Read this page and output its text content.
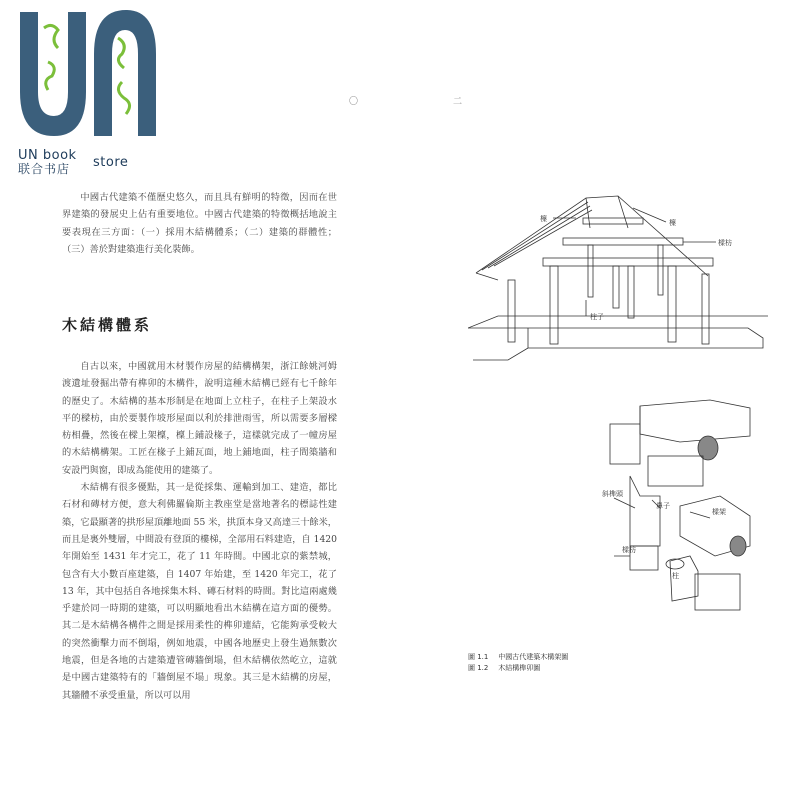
UN book store
联合书店
〇	二

中國古代建築不僅歷史悠久，而且具有鮮明的特徵，因而在世界建築的發展史上佔有重要地位。中國古代建築的特徵概括地說主要表現在三方面：（一）採用木結構體系；（二）建築的群體性；（三）善於對建築進行美化裝飾。

木結構體系

自古以來，中國就用木材製作房屋的結構構架，浙江餘姚河姆渡遺址發掘出帶有榫卯的木構件，說明這種木結構已經有七千餘年的歷史了。木結構的基本形制是在地面上立柱子，在柱子上架設水平的樑枋，由於要製作坡形屋面以利於排泄雨雪，所以需要多層樑枋相疊，然後在樑上架檁，檁上鋪設椽子，這樣就完成了一幢房屋的木結構構架。工匠在椽子上鋪瓦面，地上鋪地面，柱子間築牆和安設門與窗，即成為能使用的建築了。

木結構有很多優點，其一是從採集、運輸到加工、建造，都比石材和磚材方便，意大利佛羅倫斯主教座堂是當地著名的標誌性建築，它最顯著的拱形屋頂離地面 55 米，拱頂本身又高達三十餘米，而且是裏外雙層，中間設有登頂的樓梯，全部用石料建造，自 1420 年開始至 1431 年才完工，花了 11 年時間。中國北京的紫禁城，包含有大小數百座建築，自 1407 年始建，至 1420 年完工，花了 13 年，其中包括自各地採集木料、磚石材料的時間。對比這兩處幾乎建於同一時期的建築，可以明顯地看出木結構在這方面的優勢。其二是木結構各構件之間是採用柔性的榫卯連結，它能夠承受較大的突然衝擊力而不倒塌，例如地震，中國各地歷史上發生過無數次地震，但是各地的古建築遭管磚牆倒塌，但木結構依然屹立，這就是中國古建築特有的「牆倒屋不塌」現象。其三是木結構的房屋，其牆體不承受重量，所以可以用

檁	檁
樑枋
柱子
斜榫頭
鼻子
樑架
樑枋
柱
圖 1.1 中國古代建築木構架圖
圖 1.2 木結構榫卯圖
